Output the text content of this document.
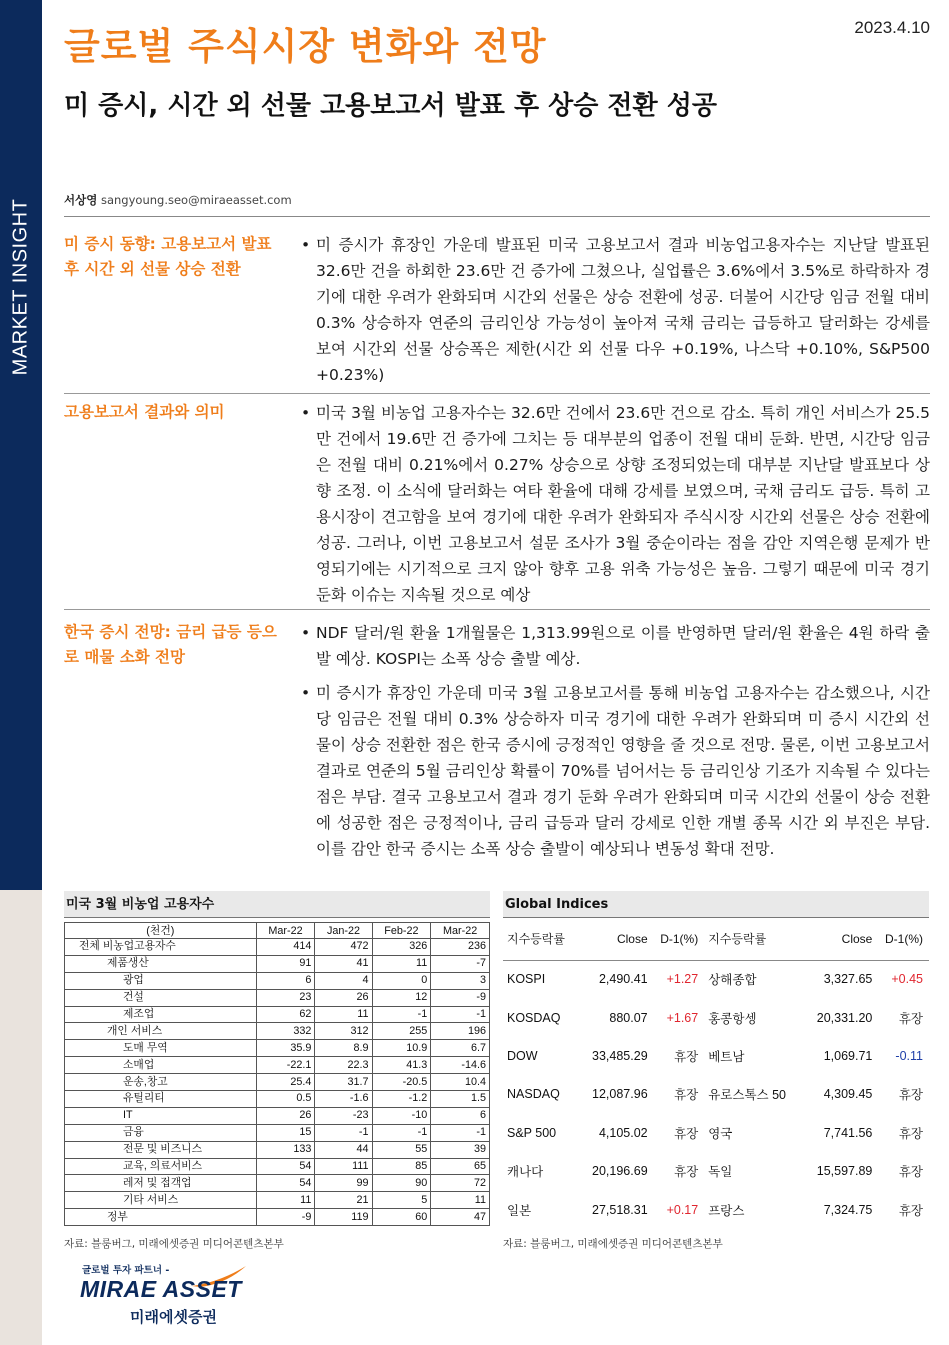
MARKET INSIGHT
2023.4.10
글로벌 주식시장 변화와 전망
미 증시, 시간 외 선물 고용보고서 발표 후 상승 전환 성공
서상영 sangyoung.seo@miraeasset.com
미 증시 동향: 고용보고서 발표 후 시간 외 선물 상승 전환

• 미 증시가 휴장인 가운데 발표된 미국 고용보고서 결과 비농업고용자수는 지난달 발표된 32.6만 건을 하회한 23.6만 건 증가에 그쳤으나, 실업률은 3.6%에서 3.5%로 하락하자 경기에 대한 우려가 완화되며 시간외 선물은 상승 전환에 성공. 더불어 시간당 임금 전월 대비 0.3% 상승하자 연준의 금리인상 가능성이 높아져 국채 금리는 급등하고 달러화는 강세를 보여 시간외 선물 상승폭은 제한(시간 외 선물 다우 +0.19%, 나스닥 +0.10%, S&P500 +0.23%)

고용보고서 결과와 의미	• 미국 3월 비농업 고용자수는 32.6만 건에서 23.6만 건으로 감소. 특히 개인 서비스가 25.5만 건에서 19.6만 건 증가에 그치는 등 대부분의 업종이 전월 대비 둔화. 반면, 시간당 임금은 전월 대비 0.21%에서 0.27% 상승으로 상향 조정되었는데 대부분 지난달 발표보다 상향 조정. 이 소식에 달러화는 여타 환율에 대해 강세를 보였으며, 국채 금리도 급등. 특히 고용시장이 견고함을 보여 경기에 대한 우려가 완화되자 주식시장 시간외 선물은 상승 전환에 성공. 그러나, 이번 고용보고서 설문 조사가 3월 중순이라는 점을 감안 지역은행 문제가 반영되기에는 시기적으로 크지 않아 향후 고용 위축 가능성은 높음. 그렇기 때문에 미국 경기 둔화 이슈는 지속될 것으로 예상

한국 증시 전망: 금리 급등 등으로 매물 소화 전망

• NDF 달러/원 환율 1개월물은 1,313.99원으로 이를 반영하면 달러/원 환율은 4원 하락 출발 예상. KOSPI는 소폭 상승 출발 예상.

• 미 증시가 휴장인 가운데 미국 3월 고용보고서를 통해 비농업 고용자수는 감소했으나, 시간당 임금은 전월 대비 0.3% 상승하자 미국 경기에 대한 우려가 완화되며 미 증시 시간외 선물이 상승 전환한 점은 한국 증시에 긍정적인 영향을 줄 것으로 전망. 물론, 이번 고용보고서 결과로 연준의 5월 금리인상 확률이 70%를 넘어서는 등 금리인상 기조가 지속될 수 있다는 점은 부담. 결국 고용보고서 결과 경기 둔화 우려가 완화되며 미국 시간외 선물이 상승 전환에 성공한 점은 긍정적이나, 금리 급등과 달러 강세로 인한 개별 종목 시간 외 부진은 부담. 이를 감안 한국 증시는 소폭 상승 출발이 예상되나 변동성 확대 전망.

미국 3월 비농업 고용자수
(천건)	Mar-22	Jan-22	Feb-22	Mar-22
전체 비농업고용자수	414	472	326	236
제품생산	91	41	11	-7
광업	6	4	0	3
건설	23	26	12	-9
제조업	62	11	-1	-1
개인 서비스	332	312	255	196
도매 무역	35.9	8.9	10.9	6.7
소매업	-22.1	22.3	41.3	-14.6
운송,창고	25.4	31.7	-20.5	10.4
유틸리티	0.5	-1.6	-1.2	1.5
IT	26	-23	-10	6
금융	15	-1	-1	-1
전문 및 비즈니스	133	44	55	39
교육, 의료서비스	54	111	85	65
레저 및 접객업	54	99	90	72
기타 서비스	11	21	5	11
정부	-9	119	60	47
자료: 블룸버그, 미래에셋증권 미디어콘텐츠본부
Global Indices
지수등락률	Close	D-1(%)	지수등락률	Close	D-1(%)
KOSPI	2,490.41	+1.27	상해종합	3,327.65	+0.45
KOSDAQ	880.07	+1.67	홍콩항셍	20,331.20	휴장
DOW	33,485.29	휴장	베트남	1,069.71	-0.11
NASDAQ	12,087.96	휴장	유로스톡스 50	4,309.45	휴장
S&P 500	4,105.02	휴장	영국	7,741.56	휴장
캐나다	20,196.69	휴장	독일	15,597.89	휴장
일본	27,518.31	+0.17	프랑스	7,324.75	휴장
자료: 블룸버그, 미래에셋증권 미디어콘텐츠본부
글로벌 투자 파트너 -
MIRAE ASSET
미래에셋증권
